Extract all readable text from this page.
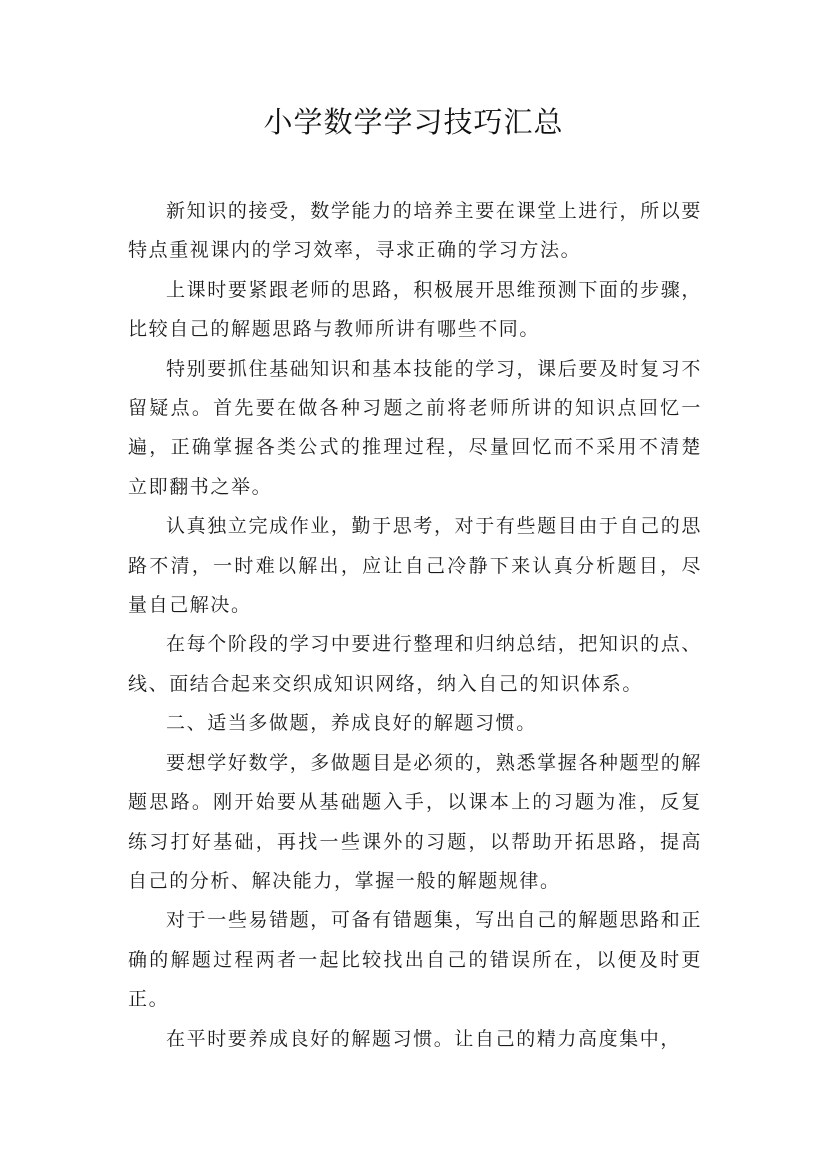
小学数学学习技巧汇总

新知识的接受，数学能力的培养主要在课堂上进行，所以要特点重视课内的学习效率，寻求正确的学习方法。

上课时要紧跟老师的思路，积极展开思维预测下面的步骤，比较自己的解题思路与教师所讲有哪些不同。

特别要抓住基础知识和基本技能的学习，课后要及时复习不留疑点。首先要在做各种习题之前将老师所讲的知识点回忆一遍，正确掌握各类公式的推理过程，尽量回忆而不采用不清楚立即翻书之举。

认真独立完成作业，勤于思考，对于有些题目由于自己的思路不清，一时难以解出，应让自己冷静下来认真分析题目，尽量自己解决。

在每个阶段的学习中要进行整理和归纳总结，把知识的点、线、面结合起来交织成知识网络，纳入自己的知识体系。

二、适当多做题，养成良好的解题习惯。

要想学好数学，多做题目是必须的，熟悉掌握各种题型的解题思路。刚开始要从基础题入手，以课本上的习题为准，反复练习打好基础，再找一些课外的习题，以帮助开拓思路，提高自己的分析、解决能力，掌握一般的解题规律。

对于一些易错题，可备有错题集，写出自己的解题思路和正确的解题过程两者一起比较找出自己的错误所在，以便及时更正。

在平时要养成良好的解题习惯。让自己的精力高度集中，
